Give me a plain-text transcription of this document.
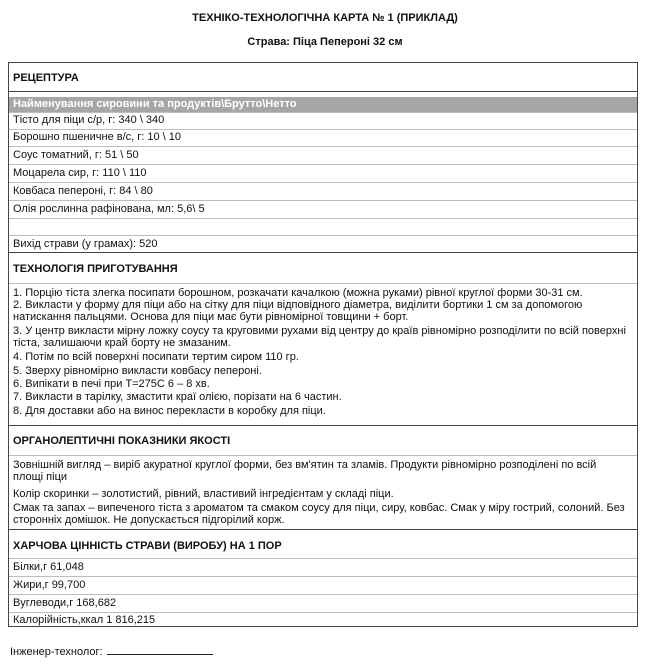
ТЕХНІКО-ТЕХНОЛОГІЧНА КАРТА № 1 (ПРИКЛАД)
Страва: Піца Пепероні 32 см
РЕЦЕПТУРА
Найменування сировини та продуктів\Брутто\Нетто
Тісто для піци с/р, г: 340 \ 340
Борошно пшеничне в/с, г: 10 \ 10
Соус томатний, г: 51 \ 50
Моцарела сир, г: 110 \ 110
Ковбаса пепероні, г: 84 \ 80
Олія рослинна рафінована, мл: 5,6\ 5
Вихід страви (у грамах): 520
ТЕХНОЛОГІЯ ПРИГОТУВАННЯ
1. Порцію тіста злегка посипати борошном, розкачати качалкою (можна руками) рівної круглої форми 30-31 см.
2. Викласти у форму для піци або на сітку для піци відповідного діаметра, виділити бортики 1 см за допомогою натискання пальцями. Основа для піци має бути рівномірної товщини + борт.
3. У центр викласти мірну ложку соусу та круговими рухами від центру до країв рівномірно розподілити по всій поверхні тіста, залишаючи край борту не змазаним.
4. Потім по всій поверхні посипати тертим сиром 110 гр.
5. Зверху рівномірно викласти ковбасу пепероні.
6. Випікати в печі при Т=275С 6 – 8 хв.
7. Викласти в тарілку, змастити краї олією, порізати на 6 частин.
8. Для доставки або на винос перекласти в коробку для піци.
ОРГАНОЛЕПТИЧНІ ПОКАЗНИКИ ЯКОСТІ
Зовнішній вигляд – виріб акуратної круглої форми, без вм'ятин та зламів. Продукти рівномірно розподілені по всій площі піци
Колір скоринки – золотистий, рівний, властивий інгредієнтам у складі піци.
Смак та запах – випеченого тіста з ароматом та смаком соусу для піци, сиру, ковбас. Смак у міру гострий, солоний. Без сторонніх домішок. Не допускається підгорілий корж.
ХАРЧОВА ЦІННІСТЬ СТРАВИ (ВИРОБУ) НА 1 ПОР
Білки,г 61,048
Жири,г 99,700
Вуглеводи,г 168,682
Калорійність,ккал 1 816,215
Інженер-технолог:
